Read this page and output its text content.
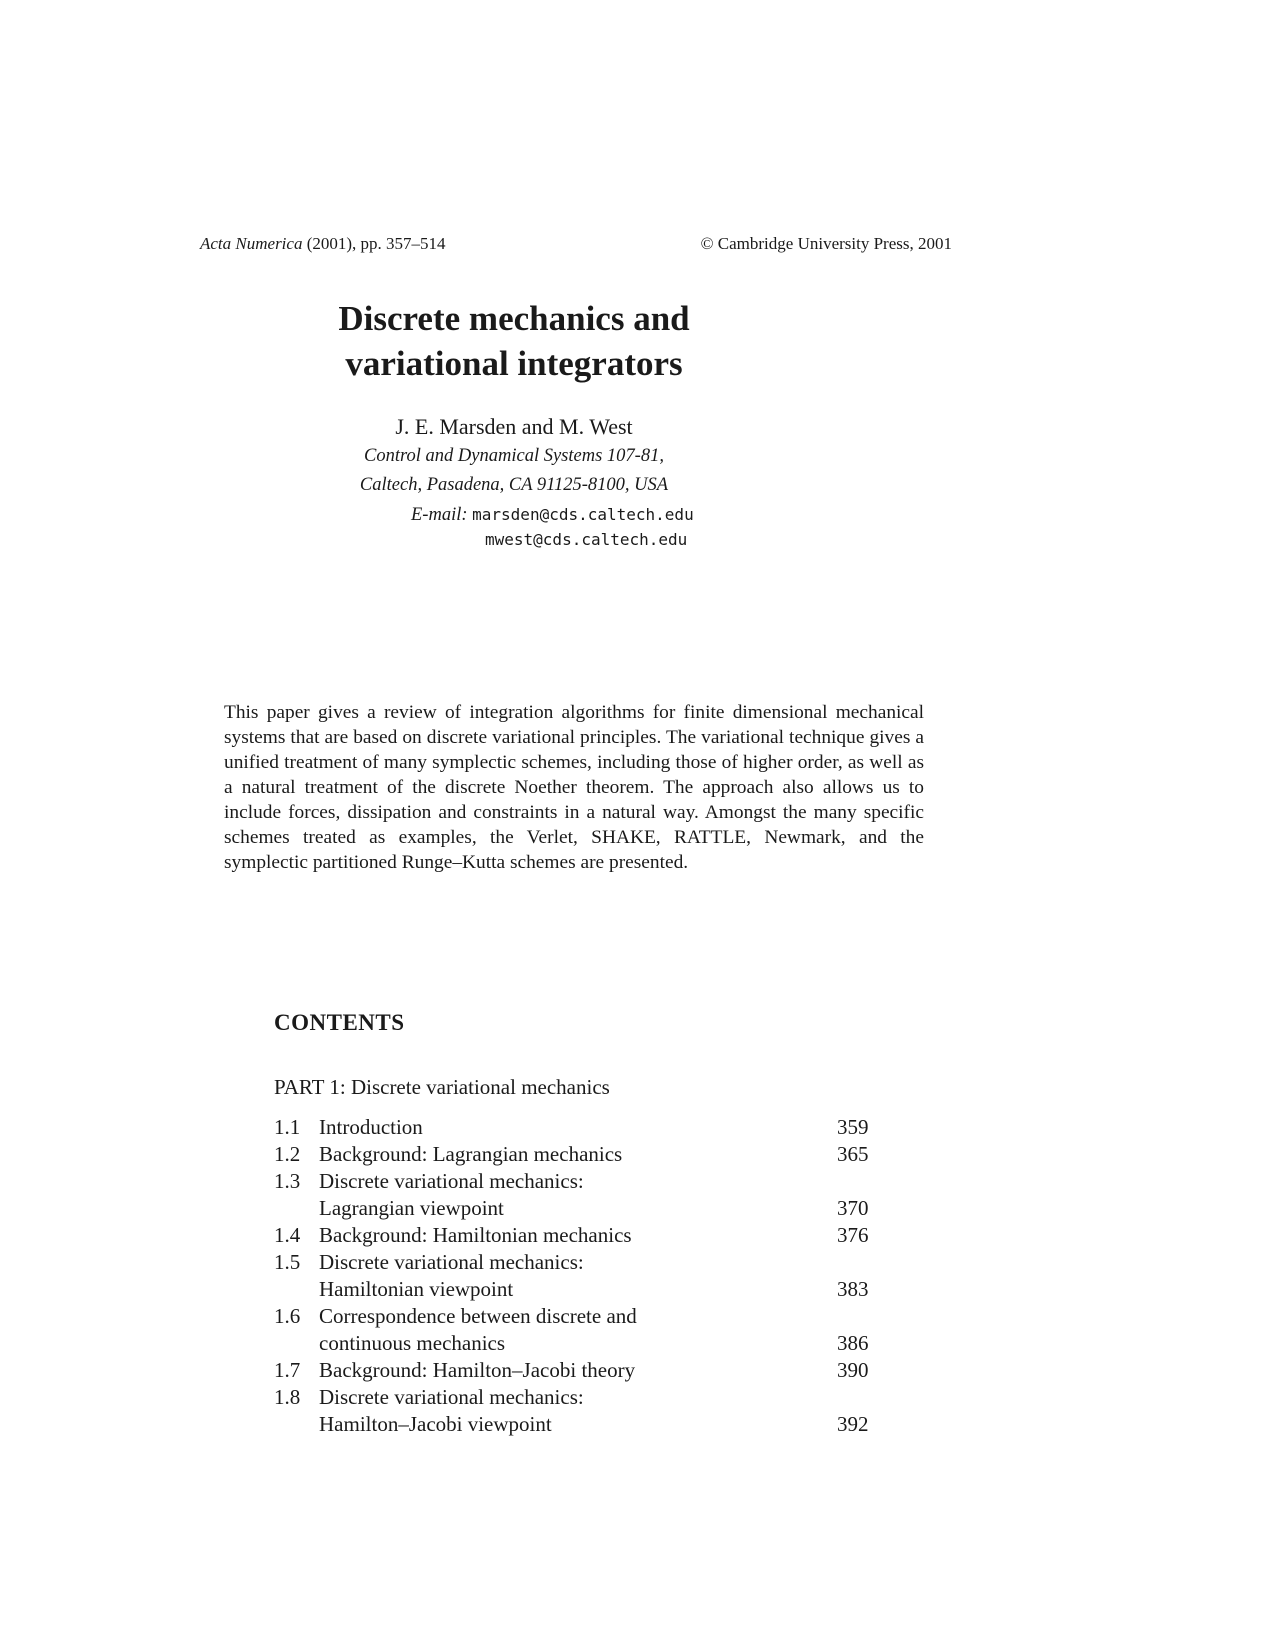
Acta Numerica (2001), pp. 357–514	© Cambridge University Press, 2001
Discrete mechanics and
variational integrators
J. E. Marsden and M. West
Control and Dynamical Systems 107-81,
Caltech, Pasadena, CA 91125-8100, USA
E-mail: marsden@cds.caltech.edu
mwest@cds.caltech.edu
This paper gives a review of integration algorithms for finite dimensional mechanical systems that are based on discrete variational principles. The variational technique gives a unified treatment of many symplectic schemes, including those of higher order, as well as a natural treatment of the discrete Noether theorem. The approach also allows us to include forces, dissipation and constraints in a natural way. Amongst the many specific schemes treated as examples, the Verlet, SHAKE, RATTLE, Newmark, and the symplectic partitioned Runge–Kutta schemes are presented.
CONTENTS
PART 1: Discrete variational mechanics
1.1 Introduction	359
1.2 Background: Lagrangian mechanics	365
1.3 Discrete variational mechanics:
Lagrangian viewpoint	370
1.4 Background: Hamiltonian mechanics	376
1.5 Discrete variational mechanics:
Hamiltonian viewpoint	383
1.6 Correspondence between discrete and
continuous mechanics	386
1.7 Background: Hamilton–Jacobi theory	390
1.8 Discrete variational mechanics:
Hamilton–Jacobi viewpoint	392
